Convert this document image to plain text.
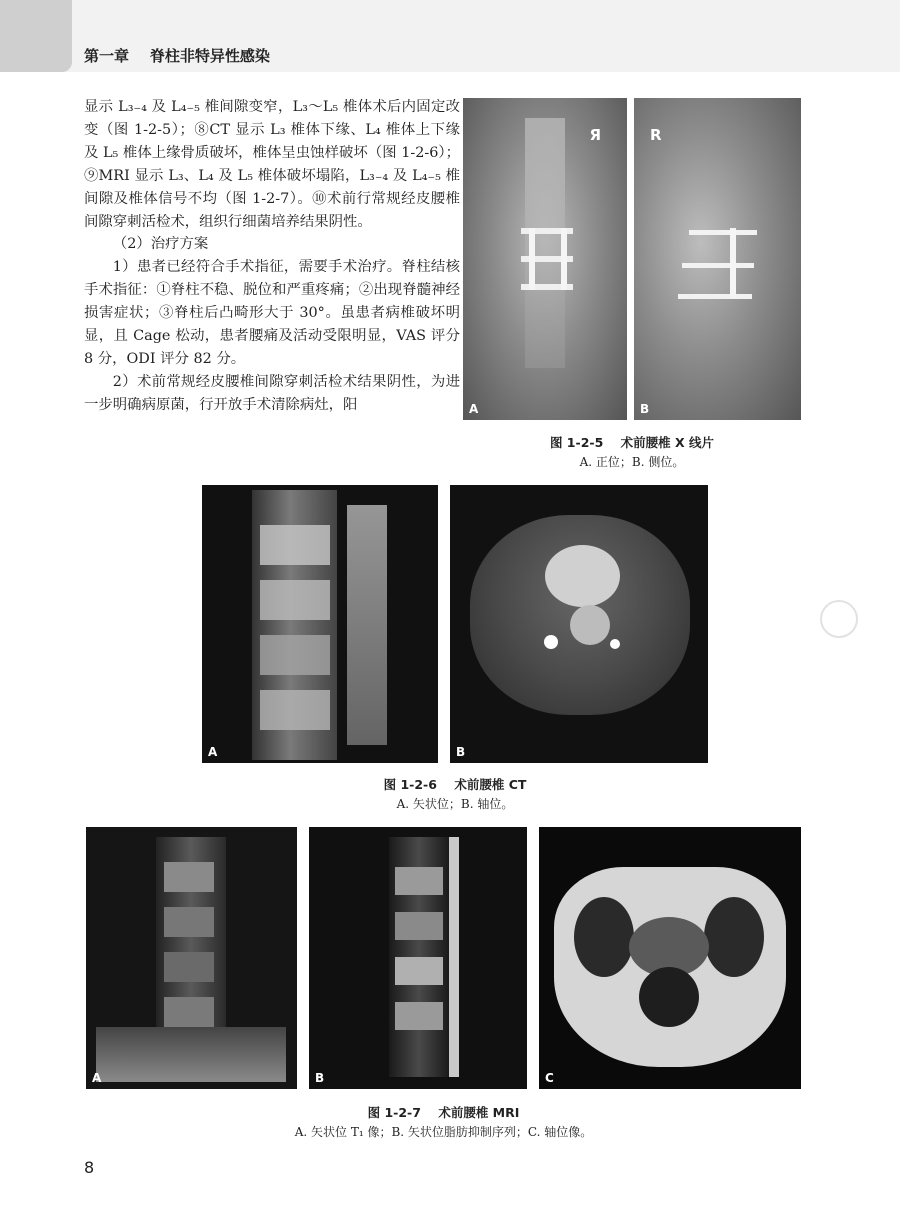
第一章    脊柱非特异性感染

显示 L₃₋₄ 及 L₄₋₅ 椎间隙变窄，L₃～L₅ 椎体术后内固定改变（图 1-2-5）；⑧CT 显示 L₃ 椎体下缘、L₄ 椎体上下缘及 L₅ 椎体上缘骨质破坏，椎体呈虫蚀样破坏（图 1-2-6）；⑨MRI 显示 L₃、L₄ 及 L₅ 椎体破坏塌陷，L₃₋₄ 及 L₄₋₅ 椎间隙及椎体信号不均（图 1-2-7）。⑩术前行常规经皮腰椎间隙穿刺活检术，组织行细菌培养结果阴性。

（2）治疗方案

1）患者已经符合手术指征，需要手术治疗。脊柱结核手术指征：①脊柱不稳、脱位和严重疼痛；②出现脊髓神经损害症状；③脊柱后凸畸形大于 30°。虽患者病椎破坏明显，且 Cage 松动，患者腰痛及活动受限明显，VAS 评分 8 分，ODI 评分 82 分。

2）术前常规经皮腰椎间隙穿刺活检术结果阴性，为进一步明确病原菌，行开放手术清除病灶，阳

Я
A
R
B
图 1-2-5    术前腰椎 X 线片
A. 正位；B. 侧位。
A	B
图 1-2-6    术前腰椎 CT
A. 矢状位；B. 轴位。
A	B	C
图 1-2-7    术前腰椎 MRI
A. 矢状位 T₁ 像；B. 矢状位脂肪抑制序列；C. 轴位像。
8
